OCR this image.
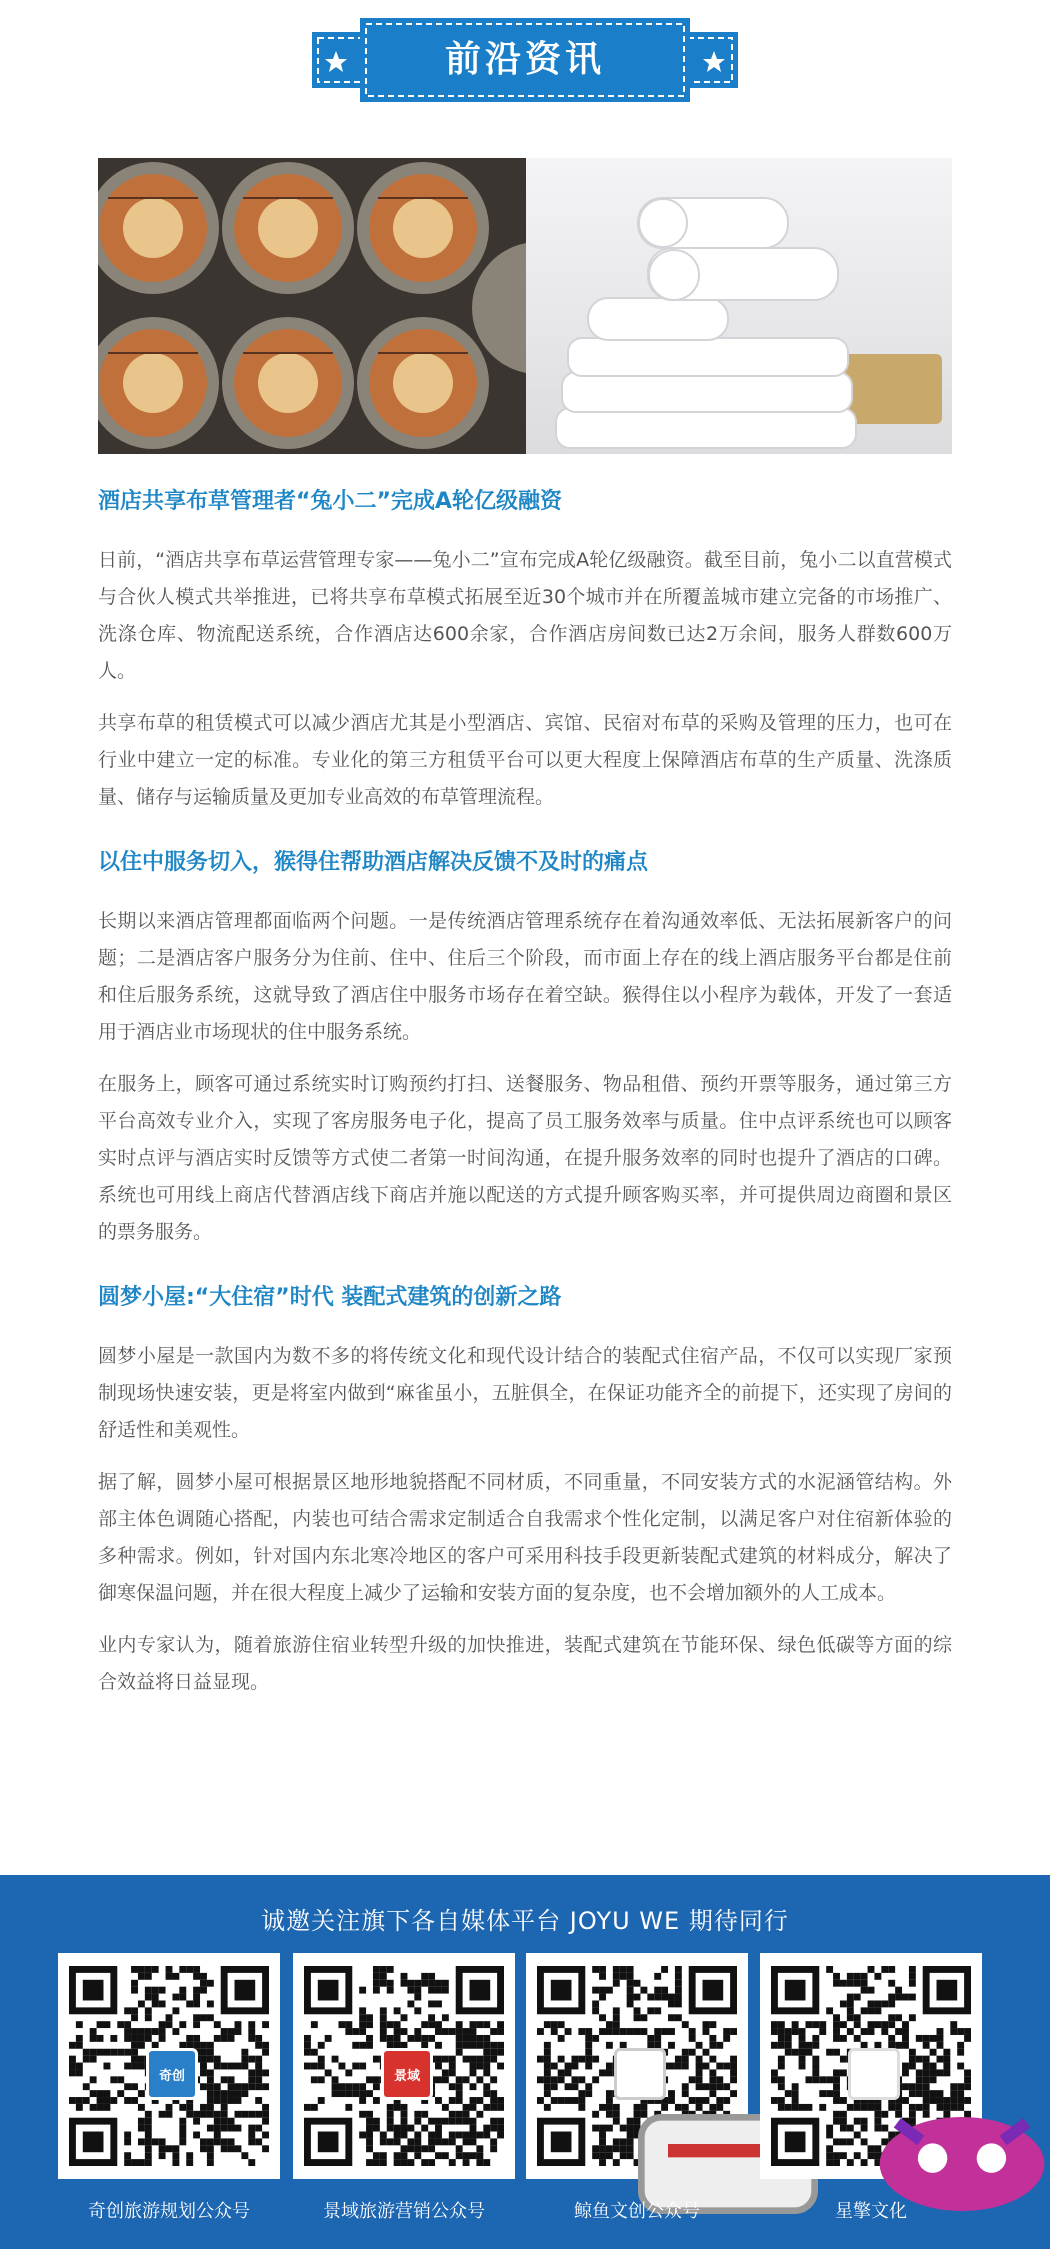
前沿资讯
酒店共享布草管理者“兔小二”完成A轮亿级融资

日前，“酒店共享布草运营管理专家——兔小二”宣布完成A轮亿级融资。截至目前，兔小二以直营模式与合伙人模式共举推进，已将共享布草模式拓展至近30个城市并在所覆盖城市建立完备的市场推广、洗涤仓库、物流配送系统，合作酒店达600余家，合作酒店房间数已达2万余间，服务人群数600万人。

共享布草的租赁模式可以减少酒店尤其是小型酒店、宾馆、民宿对布草的采购及管理的压力，也可在行业中建立一定的标准。专业化的第三方租赁平台可以更大程度上保障酒店布草的生产质量、洗涤质量、储存与运输质量及更加专业高效的布草管理流程。

以住中服务切入，猴得住帮助酒店解决反馈不及时的痛点

长期以来酒店管理都面临两个问题。一是传统酒店管理系统存在着沟通效率低、无法拓展新客户的问题；二是酒店客户服务分为住前、住中、住后三个阶段，而市面上存在的线上酒店服务平台都是住前和住后服务系统，这就导致了酒店住中服务市场存在着空缺。猴得住以小程序为载体，开发了一套适用于酒店业市场现状的住中服务系统。

在服务上，顾客可通过系统实时订购预约打扫、送餐服务、物品租借、预约开票等服务，通过第三方平台高效专业介入，实现了客房服务电子化，提高了员工服务效率与质量。住中点评系统也可以顾客实时点评与酒店实时反馈等方式使二者第一时间沟通，在提升服务效率的同时也提升了酒店的口碑。系统也可用线上商店代替酒店线下商店并施以配送的方式提升顾客购买率，并可提供周边商圈和景区的票务服务。

圆梦小屋:“大住宿”时代 装配式建筑的创新之路

圆梦小屋是一款国内为数不多的将传统文化和现代设计结合的装配式住宿产品，不仅可以实现厂家预制现场快速安装，更是将室内做到“麻雀虽小，五脏俱全，在保证功能齐全的前提下，还实现了房间的舒适性和美观性。

据了解，圆梦小屋可根据景区地形地貌搭配不同材质，不同重量，不同安装方式的水泥涵管结构。外部主体色调随心搭配，内装也可结合需求定制适合自我需求个性化定制，以满足客户对住宿新体验的多种需求。例如，针对国内东北寒冷地区的客户可采用科技手段更新装配式建筑的材料成分，解决了御寒保温问题，并在很大程度上减少了运输和安装方面的复杂度，也不会增加额外的人工成本。

业内专家认为，随着旅游住宿业转型升级的加快推进，装配式建筑在节能环保、绿色低碳等方面的综合效益将日益显现。

诚邀关注旗下各自媒体平台 JOYU WE 期待同行
奇创
奇创旅游规划公众号
景域
景域旅游营销公众号	鲸鱼文创公众号	星擎文化
